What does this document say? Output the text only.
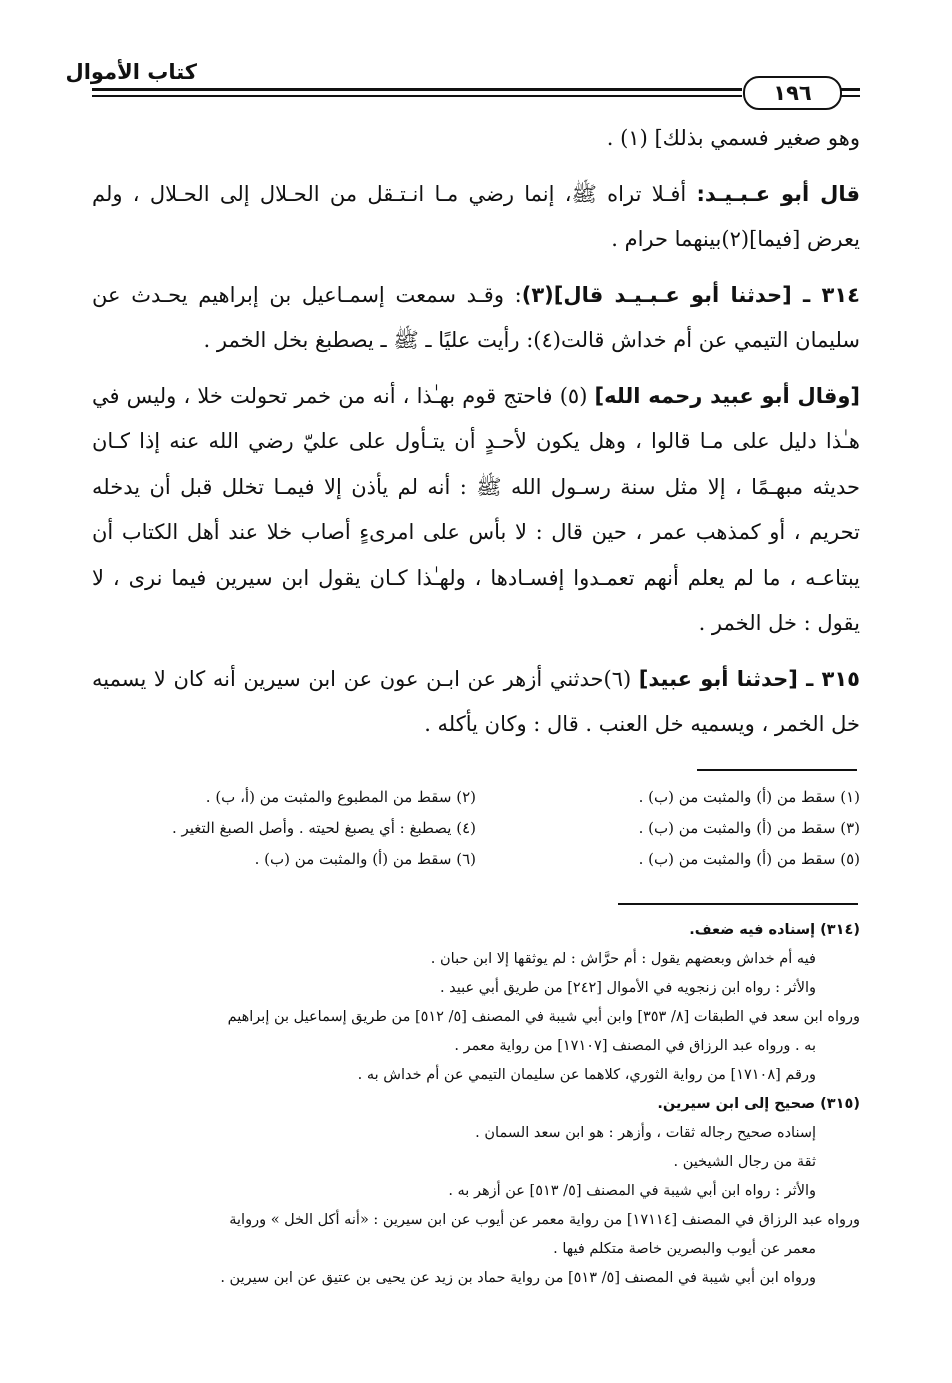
كتاب الأموال
١٩٦

وهو صغير فسمي بذلك] (١) .

قال أبو عـبـيـد: أفـلا تراه ﷺ، إنما رضي مـا انـتـقل من الحـلال إلى الحـلال ، ولم يعرض [فيما](٢)بينهما حرام .

٣١٤ ـ [حدثنا أبو عـبـيـد قال](٣): وقـد سمعت إسمـاعيل بن إبراهيم يحـدث عن سليمان التيمي عن أم خداش قالت(٤): رأيت عليًا ـ ﷺ ـ يصطبغ بخل الخمر .

[وقال أبو عبيد رحمه الله] (٥) فاحتج قوم بهـٰذا ، أنه من خمر تحولت خلا ، وليس في هـٰذا دليل على مـا قالوا ، وهل يكون لأحـدٍ أن يتـأول على عليّ رضي الله عنه إذا كـان حديثه مبهـمًا ، إلا مثل سنة رسـول الله ﷺ : أنه لم يأذن إلا فيمـا تخلل قبل أن يدخله تحريم ، أو كمذهب عمر ، حين قال : لا بأس على امرىءٍ أصاب خلا عند أهل الكتاب أن يبتاعـه ، ما لم يعلم أنهم تعمـدوا إفسـادها ، ولهـٰذا كـان يقول ابن سيرين فيما نرى ، لا يقول : خل الخمر .

٣١٥ ـ [حدثنا أبو عبيد] (٦)حدثني أزهر عن ابـن عون عن ابن سيرين أنه كان لا يسميه خل الخمر ، ويسميه خل العنب . قال : وكان يأكله .

(١) سقط من (أ) والمثبت من (ب) .
(٢) سقط من المطبوع والمثبت من (أ، ب) .
(٣) سقط من (أ) والمثبت من (ب) .
(٤) يصطبغ : أي يصبغ لحيته . وأصل الصبغ التغير .
(٥) سقط من (أ) والمثبت من (ب) .
(٦) سقط من (أ) والمثبت من (ب) .

(٣١٤) إسناده فيه ضعف.

فيه أم خداش وبعضهم يقول : أم حرَّاش : لم يوثقها إلا ابن حبان .

والأثر : رواه ابن زنجويه في الأموال [٢٤٢] من طريق أبي عبيد .

ورواه ابن سعد في الطبقات [٨/ ٣٥٣] وابن أبي شيبة في المصنف [٥/ ٥١٢] من طريق إسماعيل بن إبراهيم

به . ورواه عبد الرزاق في المصنف [١٧١٠٧] من رواية معمر .

ورقم [١٧١٠٨] من رواية الثوري، كلاهما عن سليمان التيمي عن أم خداش به .

(٣١٥) صحيح إلى ابن سيرين.

إسناده صحيح رجاله ثقات ، وأزهر : هو ابن سعد السمان .

ثقة من رجال الشيخين .

والأثر : رواه ابن أبي شيبة في المصنف [٥/ ٥١٣] عن أزهر به .

ورواه عبد الرزاق في المصنف [١٧١١٤] من رواية معمر عن أيوب عن ابن سيرين : «أنه أكل الخل » ورواية

معمر عن أيوب والبصرين خاصة متكلم فيها .

ورواه ابن أبي شيبة في المصنف [٥/ ٥١٣] من رواية حماد بن زيد عن يحيى بن عتيق عن ابن سيرين .
